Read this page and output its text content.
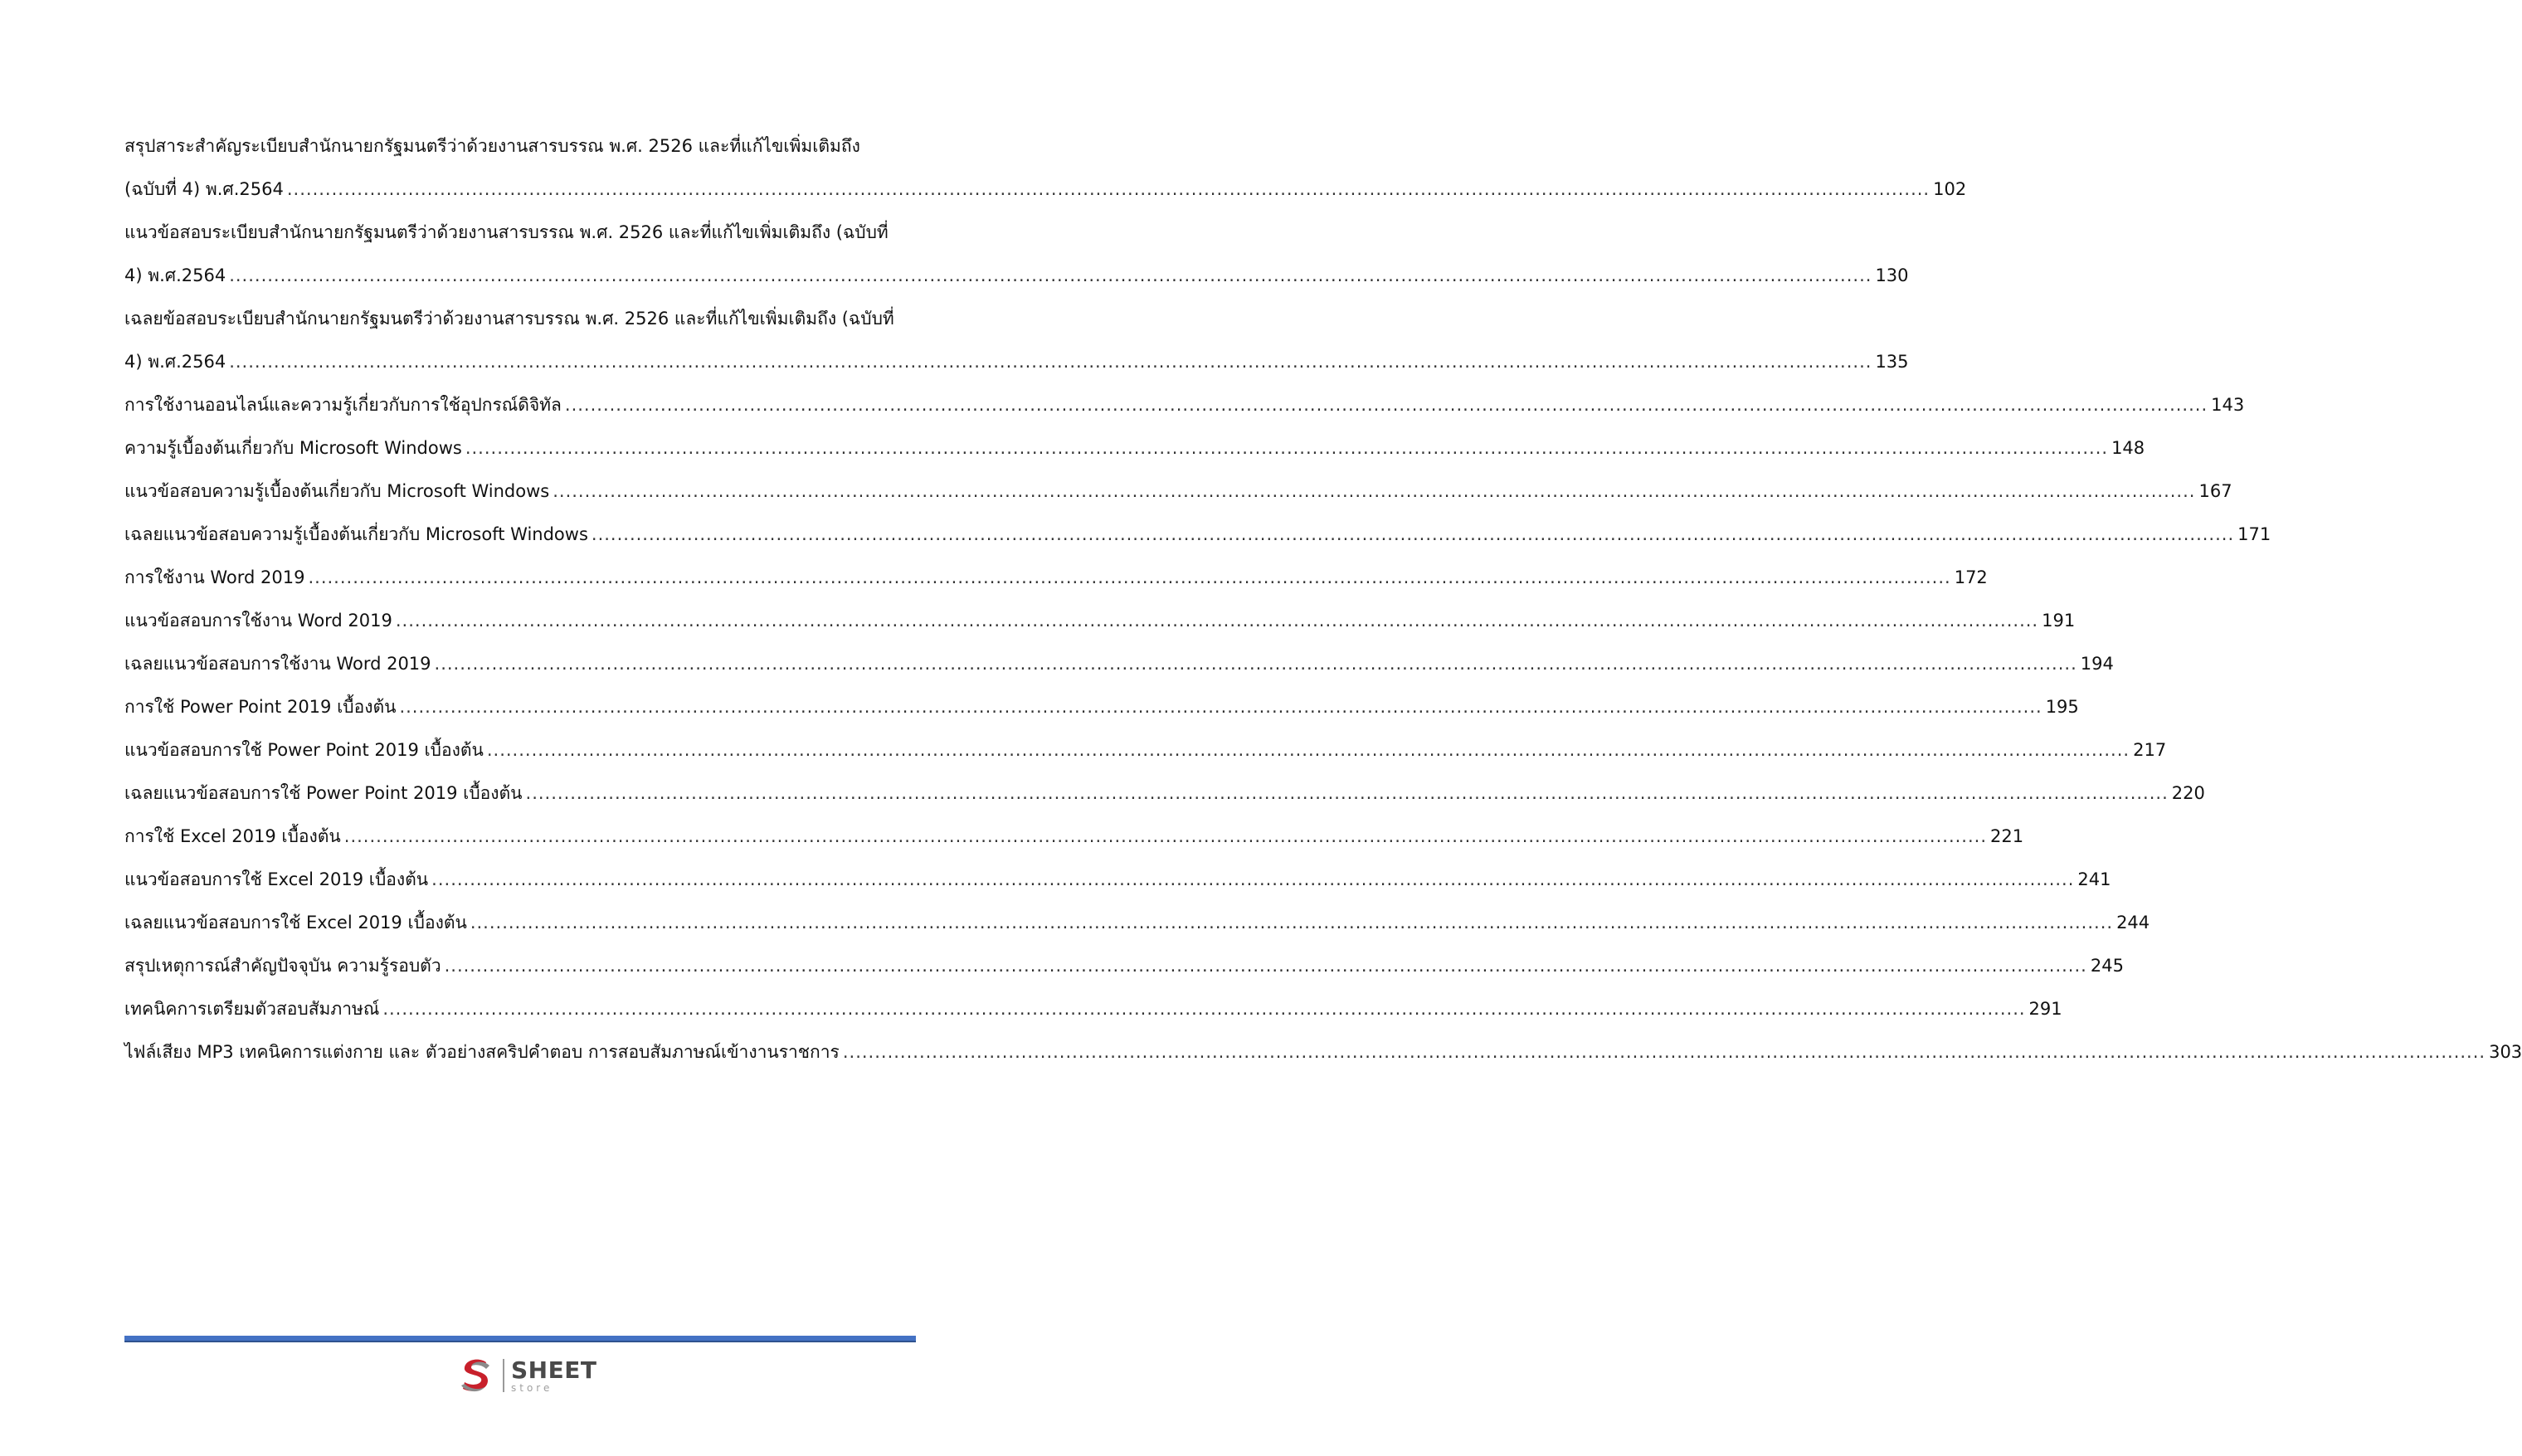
สรุปสาระสำคัญระเบียบสำนักนายกรัฐมนตรีว่าด้วยงานสารบรรณ พ.ศ. 2526 และที่แก้ไขเพิ่มเติมถึง
(ฉบับที่ 4) พ.ศ.2564 .....	102
แนวข้อสอบระเบียบสำนักนายกรัฐมนตรีว่าด้วยงานสารบรรณ พ.ศ. 2526 และที่แก้ไขเพิ่มเติมถึง (ฉบับที่
4) พ.ศ.2564 .....	130
เฉลยข้อสอบระเบียบสำนักนายกรัฐมนตรีว่าด้วยงานสารบรรณ พ.ศ. 2526 และที่แก้ไขเพิ่มเติมถึง (ฉบับที่
4) พ.ศ.2564 .....	135
การใช้งานออนไลน์และความรู้เกี่ยวกับการใช้อุปกรณ์ดิจิทัล .....	143
ความรู้เบื้องต้นเกี่ยวกับ Microsoft Windows .....	148
แนวข้อสอบความรู้เบื้องต้นเกี่ยวกับ Microsoft Windows .....	167
เฉลยแนวข้อสอบความรู้เบื้องต้นเกี่ยวกับ Microsoft Windows .....	171
การใช้งาน Word 2019 .....	172
แนวข้อสอบการใช้งาน Word 2019 .....	191
เฉลยแนวข้อสอบการใช้งาน Word 2019 .....	194
การใช้ Power Point 2019 เบื้องต้น .....	195
แนวข้อสอบการใช้ Power Point 2019 เบื้องต้น .....	217
เฉลยแนวข้อสอบการใช้ Power Point 2019 เบื้องต้น .....	220
การใช้ Excel 2019 เบื้องต้น .....	221
แนวข้อสอบการใช้ Excel 2019 เบื้องต้น .....	241
เฉลยแนวข้อสอบการใช้ Excel 2019 เบื้องต้น .....	244
สรุปเหตุการณ์สำคัญปัจจุบัน ความรู้รอบตัว .....	245
เทคนิคการเตรียมตัวสอบสัมภาษณ์ .....	291
ไฟล์เสียง MP3 เทคนิคการแต่งกาย และ ตัวอย่างสคริปคำตอบ การสอบสัมภาษณ์เข้างานราชการ .....	303
SHEET
store
